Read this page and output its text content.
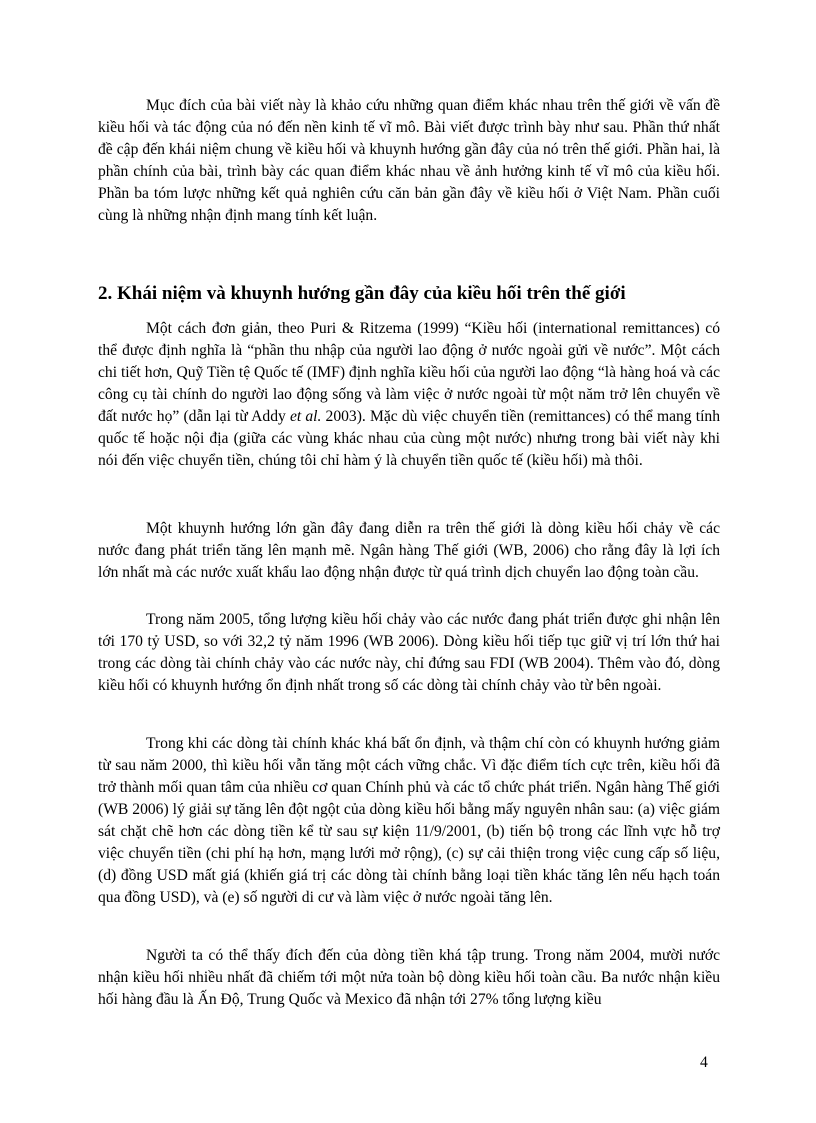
Mục đích của bài viết này là khảo cứu những quan điểm khác nhau trên thế giới về vấn đề kiều hối và tác động của nó đến nền kinh tế vĩ mô. Bài viết được trình bày như sau. Phần thứ nhất đề cập đến khái niệm chung về kiều hối và khuynh hướng gần đây của nó trên thế giới. Phần hai, là phần chính của bài, trình bày các quan điểm khác nhau về ảnh hưởng kinh tế vĩ mô của kiều hối. Phần ba tóm lược những kết quả nghiên cứu căn bản gần đây về kiều hối ở Việt Nam. Phần cuối cùng là những nhận định mang tính kết luận.

2. Khái niệm và khuynh hướng gần đây của kiều hối trên thế giới

Một cách đơn giản, theo Puri & Ritzema (1999) “Kiều hối (international remittances) có thể được định nghĩa là “phần thu nhập của người lao động ở nước ngoài gửi về nước”. Một cách chi tiết hơn, Quỹ Tiền tệ Quốc tế (IMF) định nghĩa kiều hối của người lao động “là hàng hoá và các công cụ tài chính do người lao động sống và làm việc ở nước ngoài từ một năm trở lên chuyển về đất nước họ” (dẫn lại từ Addy et al. 2003). Mặc dù việc chuyển tiền (remittances) có thể mang tính quốc tế hoặc nội địa (giữa các vùng khác nhau của cùng một nước) nhưng trong bài viết này khi nói đến việc chuyển tiền, chúng tôi chỉ hàm ý là chuyển tiền quốc tế (kiều hối) mà thôi.

Một khuynh hướng lớn gần đây đang diễn ra trên thế giới là dòng kiều hối chảy về các nước đang phát triển tăng lên mạnh mẽ. Ngân hàng Thế giới (WB, 2006) cho rằng đây là lợi ích lớn nhất mà các nước xuất khẩu lao động nhận được từ quá trình dịch chuyển lao động toàn cầu.

Trong năm 2005, tổng lượng kiều hối chảy vào các nước đang phát triển được ghi nhận lên tới 170 tỷ USD, so với 32,2 tỷ năm 1996 (WB 2006). Dòng kiều hối tiếp tục giữ vị trí lớn thứ hai trong các dòng tài chính chảy vào các nước này, chỉ đứng sau FDI (WB 2004). Thêm vào đó, dòng kiều hối có khuynh hướng ổn định nhất trong số các dòng tài chính chảy vào từ bên ngoài.

Trong khi các dòng tài chính khác khá bất ổn định, và thậm chí còn có khuynh hướng giảm từ sau năm 2000, thì kiều hối vẫn tăng một cách vững chắc. Vì đặc điểm tích cực trên, kiều hối đã trở thành mối quan tâm của nhiều cơ quan Chính phủ và các tổ chức phát triển. Ngân hàng Thế giới (WB 2006) lý giải sự tăng lên đột ngột của dòng kiều hối bằng mấy nguyên nhân sau: (a) việc giám sát chặt chẽ hơn các dòng tiền kể từ sau sự kiện 11/9/2001, (b) tiến bộ trong các lĩnh vực hỗ trợ việc chuyển tiền (chi phí hạ hơn, mạng lưới mở rộng), (c) sự cải thiện trong việc cung cấp số liệu, (d) đồng USD mất giá (khiến giá trị các dòng tài chính bằng loại tiền khác tăng lên nếu hạch toán qua đồng USD), và (e) số người di cư và làm việc ở nước ngoài tăng lên.

Người ta có thể thấy đích đến của dòng tiền khá tập trung. Trong năm 2004, mười nước nhận kiều hối nhiều nhất đã chiếm tới một nửa toàn bộ dòng kiều hối toàn cầu. Ba nước nhận kiều hối hàng đầu là Ấn Độ, Trung Quốc và Mexico đã nhận tới 27% tổng lượng kiều

4
